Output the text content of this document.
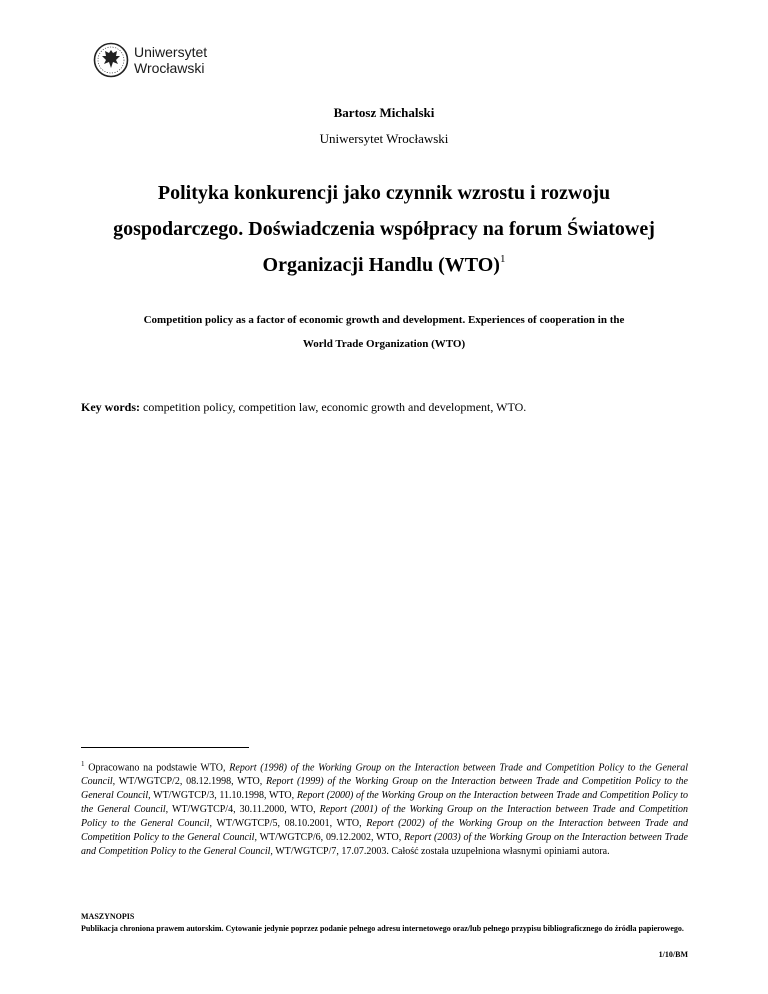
Uniwersytet
Wrocławski
Bartosz Michalski
Uniwersytet Wrocławski
Polityka konkurencji jako czynnik wzrostu i rozwoju
gospodarczego. Doświadczenia współpracy na forum Światowej
Organizacji Handlu (WTO)$^1$
Competition policy as a factor of economic growth and development. Experiences of cooperation in the
World Trade Organization (WTO)
Key words: competition policy, competition law, economic growth and development, WTO.
$^1$ Opracowano na podstawie WTO, Report (1998) of the Working Group on the Interaction between Trade and Competition Policy to the General Council, WT/WGTCP/2, 08.12.1998, WTO, Report (1999) of the Working Group on the Interaction between Trade and Competition Policy to the General Council, WT/WGTCP/3, 11.10.1998, WTO, Report (2000) of the Working Group on the Interaction between Trade and Competition Policy to the General Council, WT/WGTCP/4, 30.11.2000, WTO, Report (2001) of the Working Group on the Interaction between Trade and Competition Policy to the General Council, WT/WGTCP/5, 08.10.2001, WTO, Report (2002) of the Working Group on the Interaction between Trade and Competition Policy to the General Council, WT/WGTCP/6, 09.12.2002, WTO, Report (2003) of the Working Group on the Interaction between Trade and Competition Policy to the General Council, WT/WGTCP/7, 17.07.2003. Całość została uzupełniona własnymi opiniami autora.
MASZYNOPIS
Publikacja chroniona prawem autorskim. Cytowanie jedynie poprzez podanie pełnego adresu internetowego oraz/lub pełnego przypisu bibliograficznego do źródła papierowego.
1/10/BM
